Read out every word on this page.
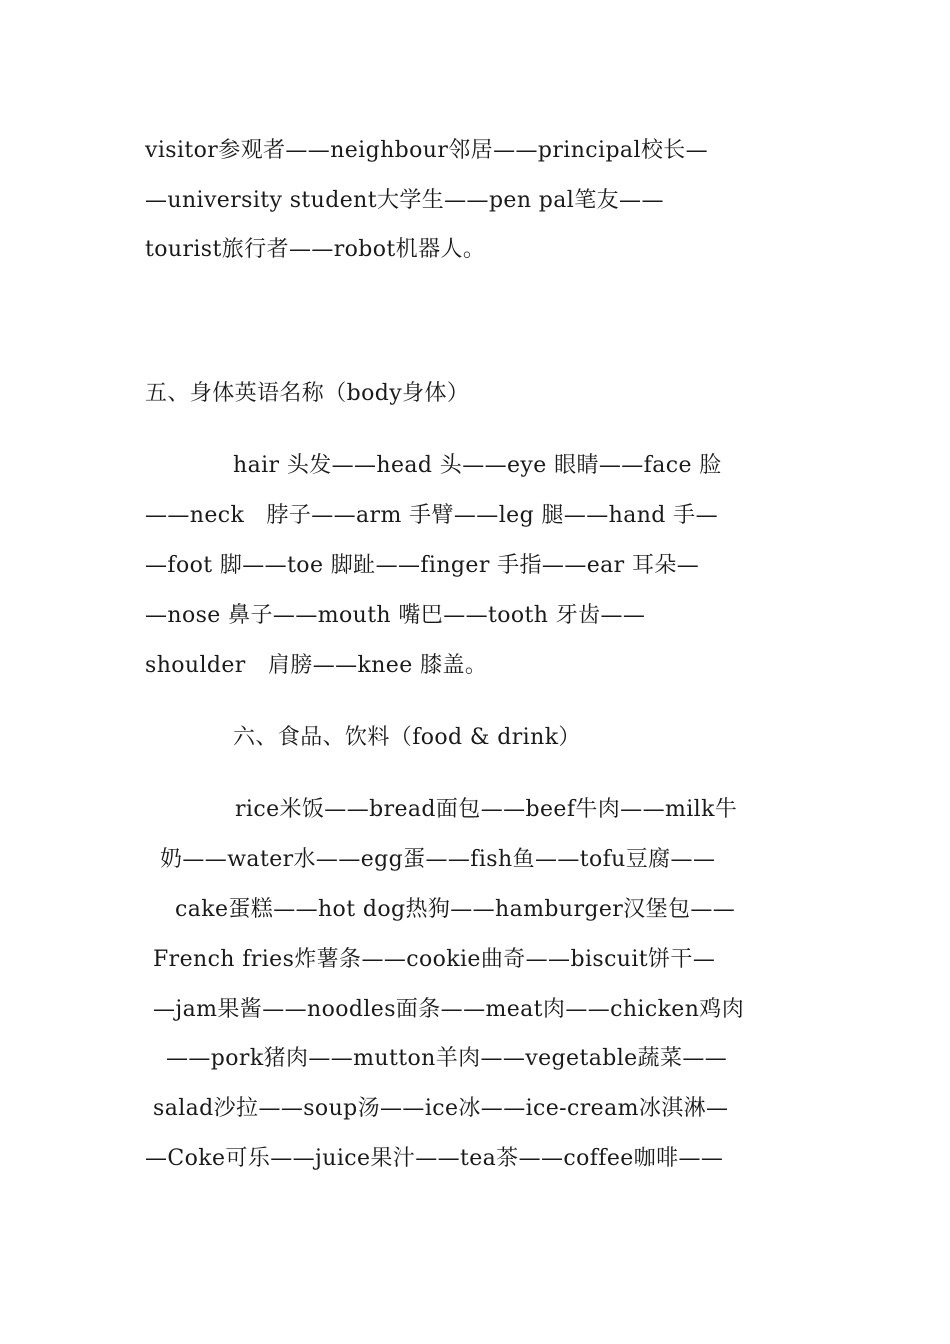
visitor参观者——neighbour邻居——principal校长—
—university student大学生——pen pal笔友——
tourist旅行者——robot机器人。
五、身体英语名称（body身体）
hair 头发——head 头——eye 眼睛——face 脸
——neck   脖子——arm 手臂——leg 腿——hand 手—
—foot 脚——toe 脚趾——finger 手指——ear 耳朵—
—nose 鼻子——mouth 嘴巴——tooth 牙齿——
shoulder   肩膀——knee 膝盖。
六、食品、饮料（food & drink）
rice米饭——bread面包——beef牛肉——milk牛
奶——water水——egg蛋——fish鱼——tofu豆腐——
cake蛋糕——hot dog热狗——hamburger汉堡包——
French fries炸薯条——cookie曲奇——biscuit饼干—
—jam果酱——noodles面条——meat肉——chicken鸡肉
——pork猪肉——mutton羊肉——vegetable蔬菜——
salad沙拉——soup汤——ice冰——ice-cream冰淇淋—
—Coke可乐——juice果汁——tea茶——coffee咖啡——
